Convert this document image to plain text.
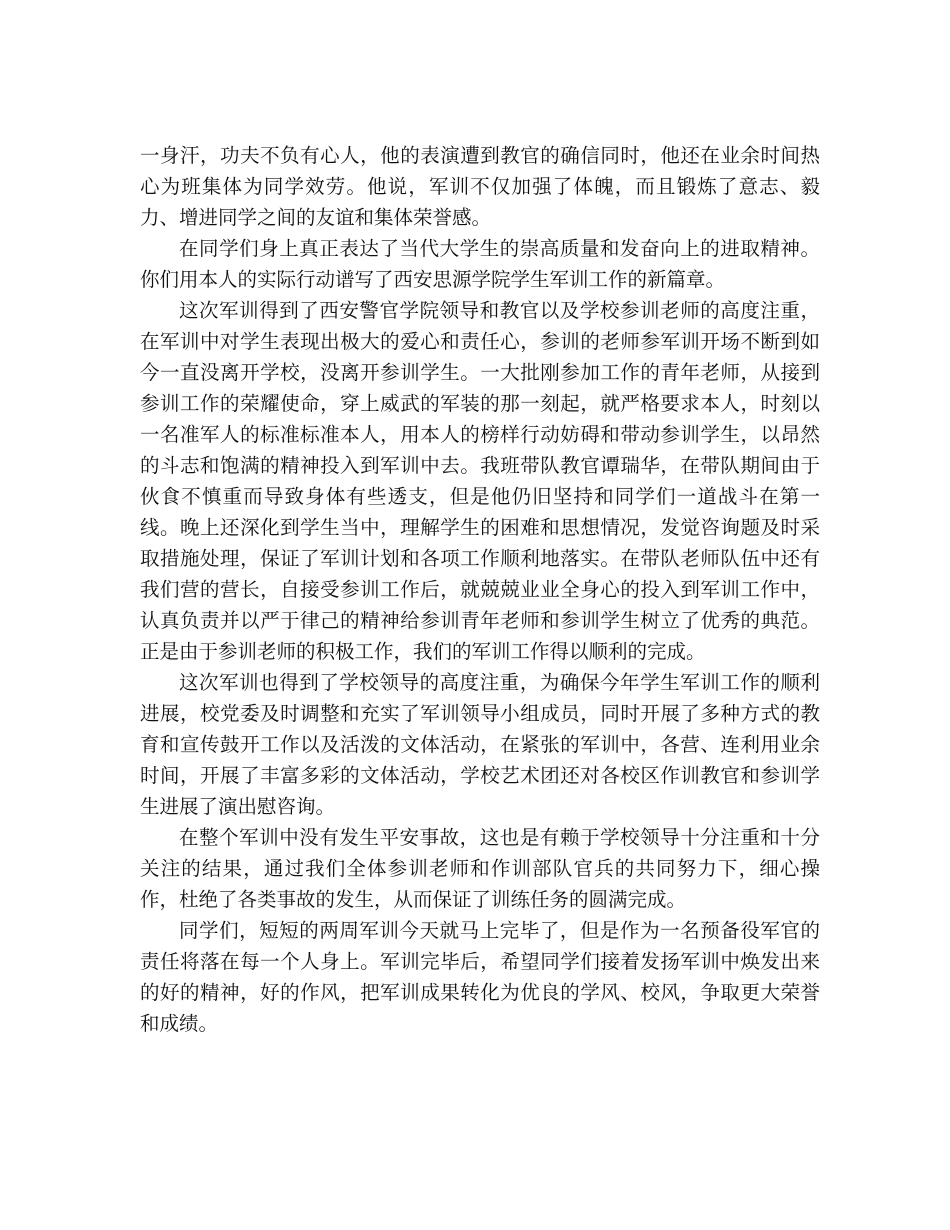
一身汗，功夫不负有心人，他的表演遭到教官的确信同时，他还在业余时间热心为班集体为同学效劳。他说，军训不仅加强了体魄，而且锻炼了意志、毅力、增进同学之间的友谊和集体荣誉感。

在同学们身上真正表达了当代大学生的崇高质量和发奋向上的进取精神。你们用本人的实际行动谱写了西安思源学院学生军训工作的新篇章。

这次军训得到了西安警官学院领导和教官以及学校参训老师的高度注重，在军训中对学生表现出极大的爱心和责任心，参训的老师参军训开场不断到如今一直没离开学校，没离开参训学生。一大批刚参加工作的青年老师，从接到参训工作的荣耀使命，穿上威武的军装的那一刻起，就严格要求本人，时刻以一名准军人的标准标准本人，用本人的榜样行动妨碍和带动参训学生，以昂然的斗志和饱满的精神投入到军训中去。我班带队教官谭瑞华，在带队期间由于伙食不慎重而导致身体有些透支，但是他仍旧坚持和同学们一道战斗在第一线。晚上还深化到学生当中，理解学生的困难和思想情况，发觉咨询题及时采取措施处理，保证了军训计划和各项工作顺利地落实。在带队老师队伍中还有我们营的营长，自接受参训工作后，就兢兢业业全身心的投入到军训工作中，认真负责并以严于律己的精神给参训青年老师和参训学生树立了优秀的典范。正是由于参训老师的积极工作，我们的军训工作得以顺利的完成。

这次军训也得到了学校领导的高度注重，为确保今年学生军训工作的顺利进展，校党委及时调整和充实了军训领导小组成员，同时开展了多种方式的教育和宣传鼓开工作以及活泼的文体活动，在紧张的军训中，各营、连利用业余时间，开展了丰富多彩的文体活动，学校艺术团还对各校区作训教官和参训学生进展了演出慰咨询。

在整个军训中没有发生平安事故，这也是有赖于学校领导十分注重和十分关注的结果，通过我们全体参训老师和作训部队官兵的共同努力下，细心操作，杜绝了各类事故的发生，从而保证了训练任务的圆满完成。

同学们，短短的两周军训今天就马上完毕了，但是作为一名预备役军官的责任将落在每一个人身上。军训完毕后，希望同学们接着发扬军训中焕发出来的好的精神，好的作风，把军训成果转化为优良的学风、校风，争取更大荣誉和成绩。
